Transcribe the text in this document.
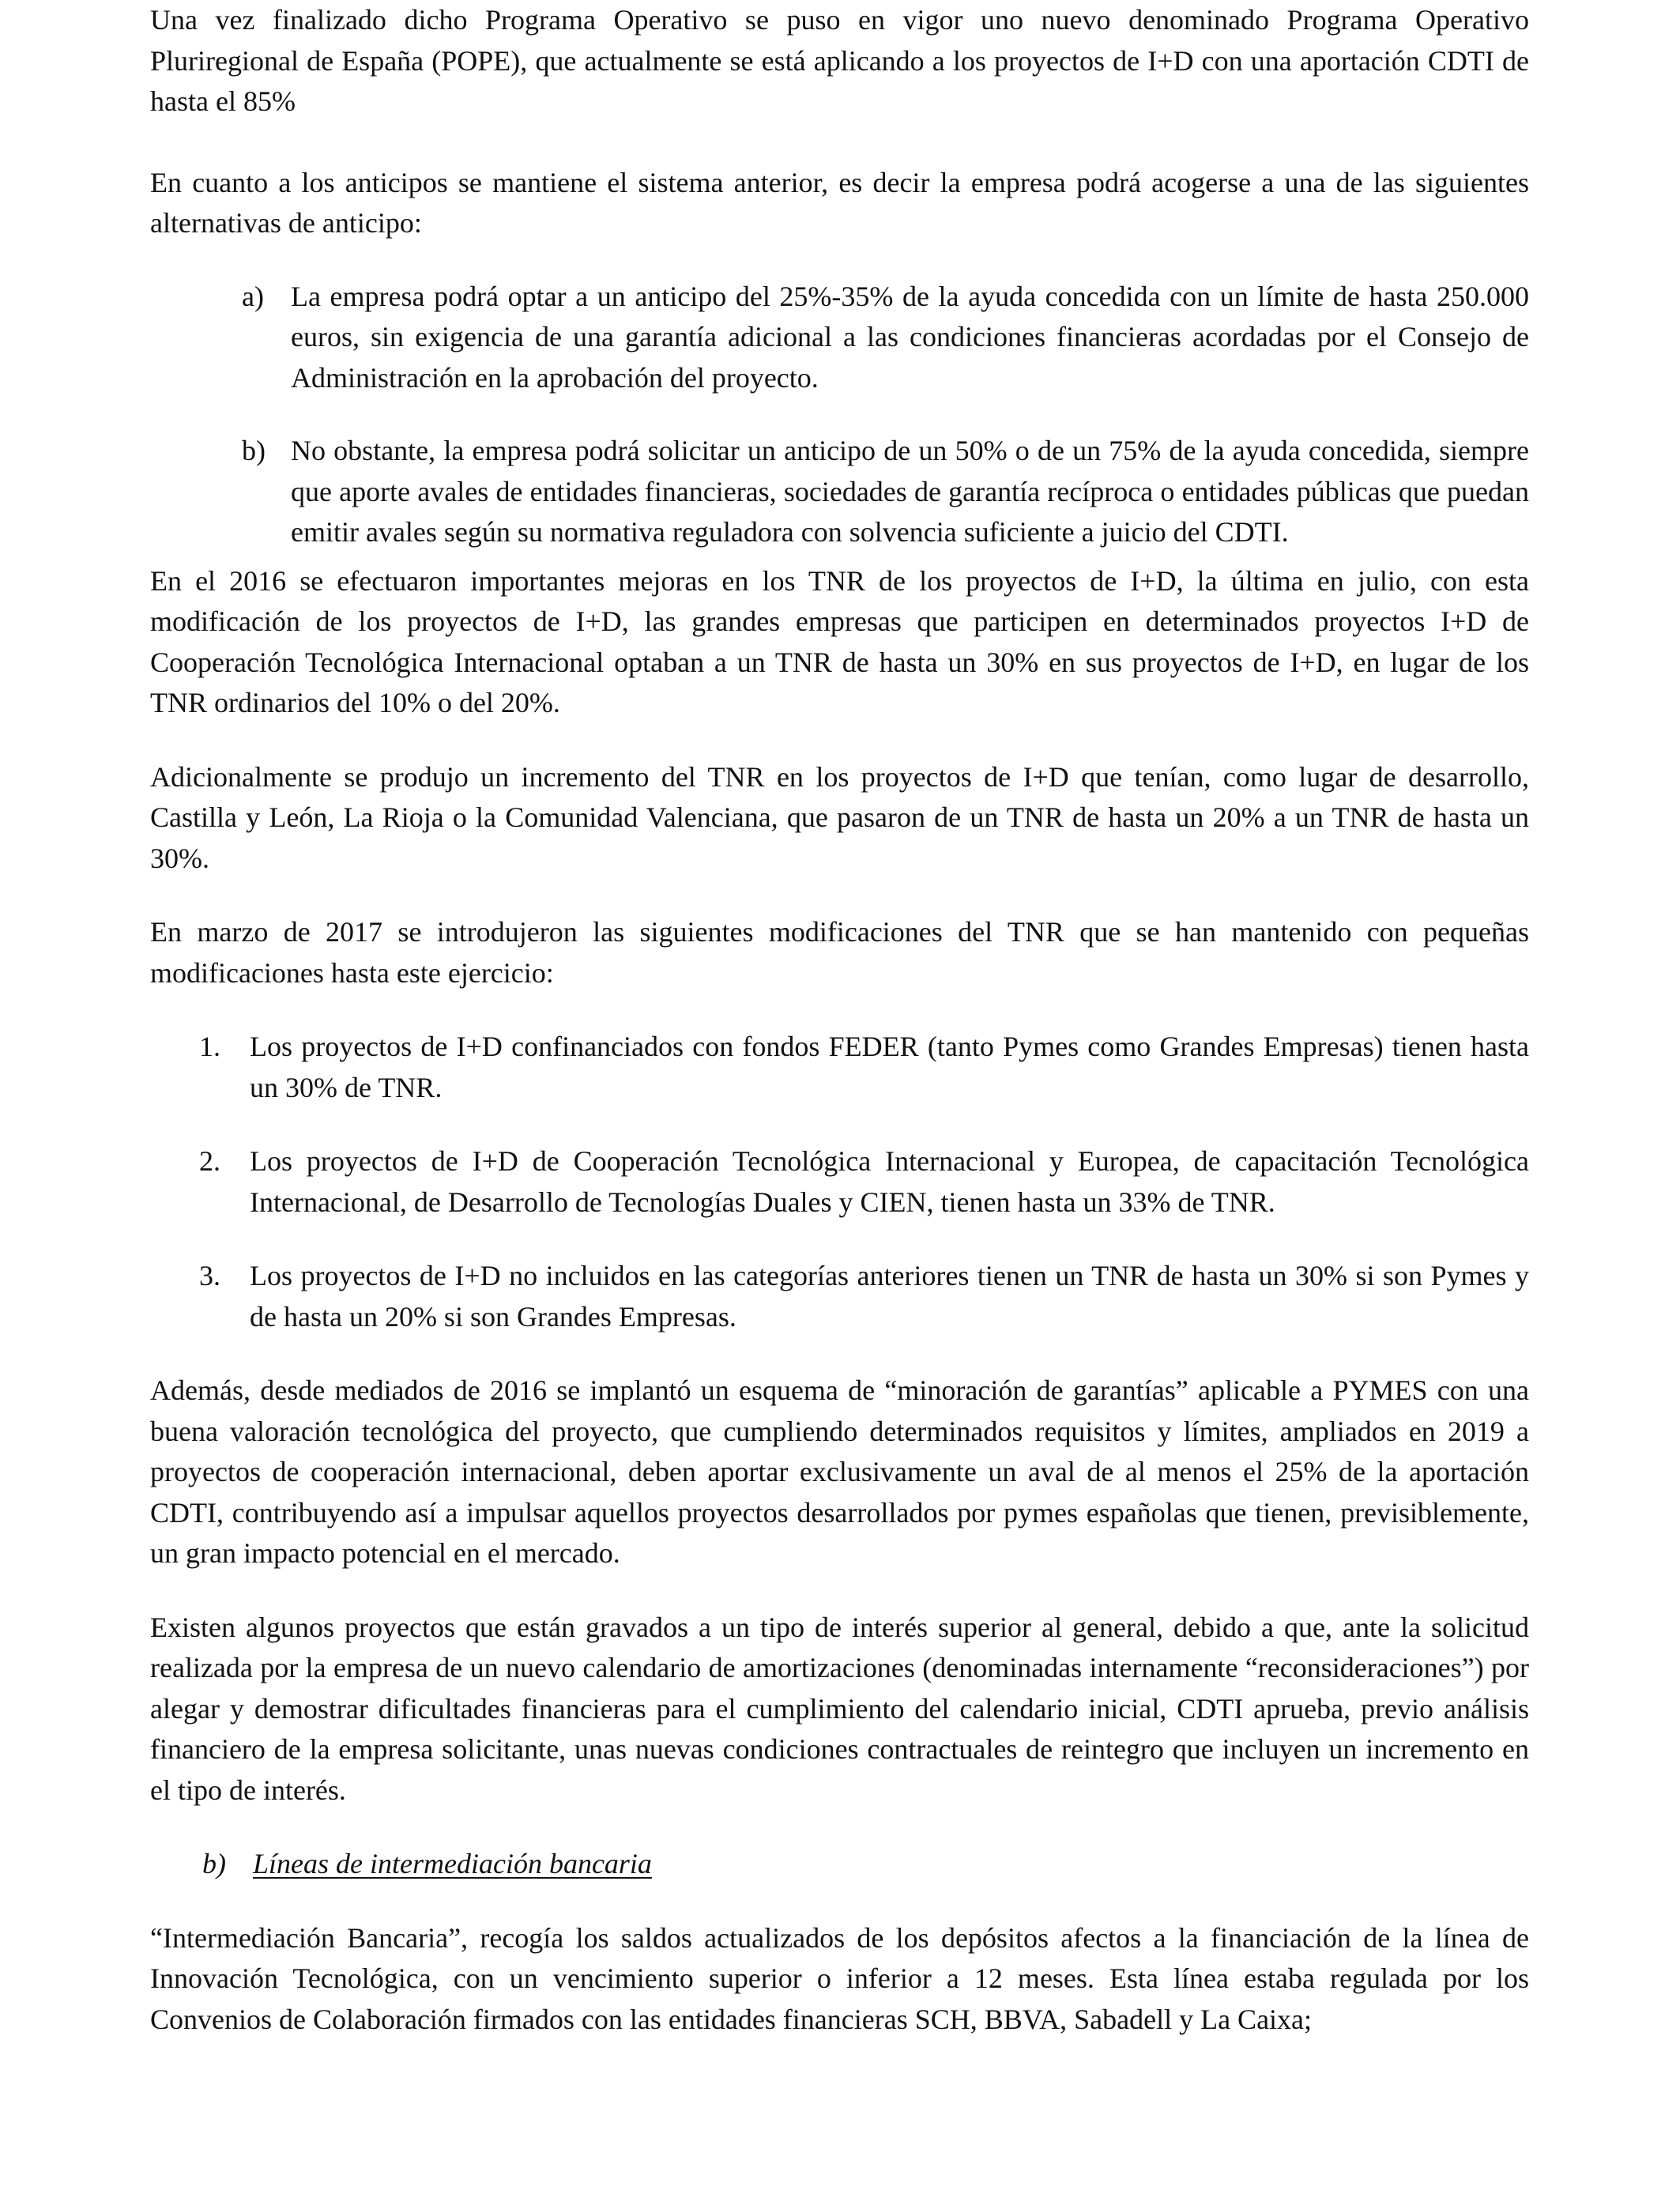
Una vez finalizado dicho Programa Operativo se puso en vigor uno nuevo denominado Programa Operativo Pluriregional de España (POPE), que actualmente se está aplicando a los proyectos de I+D con una aportación CDTI de hasta el 85%

En cuanto a los anticipos se mantiene el sistema anterior, es decir la empresa podrá acogerse a una de las siguientes alternativas de anticipo:

a) La empresa podrá optar a un anticipo del 25%-35% de la ayuda concedida con un límite de hasta 250.000 euros, sin exigencia de una garantía adicional a las condiciones financieras acordadas por el Consejo de Administración en la aprobación del proyecto.
b) No obstante, la empresa podrá solicitar un anticipo de un 50% o de un 75% de la ayuda concedida, siempre que aporte avales de entidades financieras, sociedades de garantía recíproca o entidades públicas que puedan emitir avales según su normativa reguladora con solvencia suficiente a juicio del CDTI.

En el 2016 se efectuaron importantes mejoras en los TNR de los proyectos de I+D, la última en julio, con esta modificación de los proyectos de I+D, las grandes empresas que participen en determinados proyectos I+D de Cooperación Tecnológica Internacional optaban a un TNR de hasta un 30% en sus proyectos de I+D, en lugar de los TNR ordinarios del 10% o del 20%.

Adicionalmente se produjo un incremento del TNR en los proyectos de I+D que tenían, como lugar de desarrollo, Castilla y León, La Rioja o la Comunidad Valenciana, que pasaron de un TNR de hasta un 20% a un TNR de hasta un 30%.

En marzo de 2017 se introdujeron las siguientes modificaciones del TNR que se han mantenido con pequeñas modificaciones hasta este ejercicio:

1.	Los proyectos de I+D confinanciados con fondos FEDER (tanto Pymes como Grandes Empresas) tienen hasta un 30% de TNR.
2.	Los proyectos de I+D de Cooperación Tecnológica Internacional y Europea, de capacitación Tecnológica Internacional, de Desarrollo de Tecnologías Duales y CIEN, tienen hasta un 33% de TNR.
3.	Los proyectos de I+D no incluidos en las categorías anteriores tienen un TNR de hasta un 30% si son Pymes y de hasta un 20% si son Grandes Empresas.

Además, desde mediados de 2016 se implantó un esquema de “minoración de garantías” aplicable a PYMES con una buena valoración tecnológica del proyecto, que cumpliendo determinados requisitos y límites, ampliados en 2019 a proyectos de cooperación internacional, deben aportar exclusivamente un aval de al menos el 25% de la aportación CDTI, contribuyendo así a impulsar aquellos proyectos desarrollados por pymes españolas que tienen, previsiblemente, un gran impacto potencial en el mercado.

Existen algunos proyectos que están gravados a un tipo de interés superior al general, debido a que, ante la solicitud realizada por la empresa de un nuevo calendario de amortizaciones (denominadas internamente “reconsideraciones”) por alegar y demostrar dificultades financieras para el cumplimiento del calendario inicial, CDTI aprueba, previo análisis financiero de la empresa solicitante, unas nuevas condiciones contractuales de reintegro que incluyen un incremento en el tipo de interés.

b) Líneas de intermediación bancaria

“Intermediación Bancaria”, recogía los saldos actualizados de los depósitos afectos a la financiación de la línea de Innovación Tecnológica, con un vencimiento superior o inferior a 12 meses. Esta línea estaba regulada por los Convenios de Colaboración firmados con las entidades financieras SCH, BBVA, Sabadell y La Caixa;
